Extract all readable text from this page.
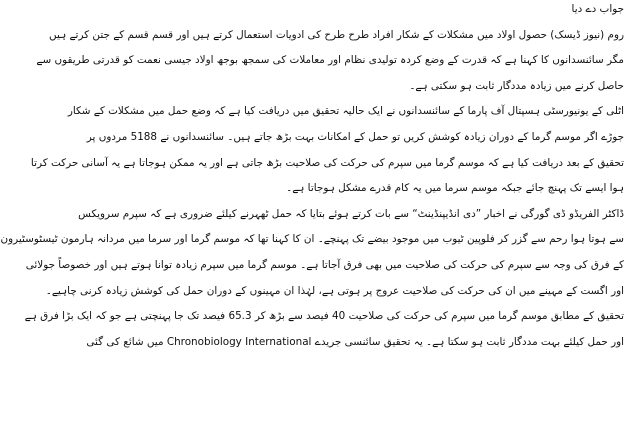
جواب دے دیا
روم (نیوز ڈیسک) حصول اولاد میں مشکلات کے شکار افراد طرح طرح کی ادویات استعمال کرتے ہیں اور قسم قسم کے جتن کرتے ہیں
مگر سائنسدانوں کا کہنا ہے کہ قدرت کے وضع کردہ تولیدی نظام اور معاملات کی سمجھ بوجھ اولاد جیسی نعمت کو قدرتی طریقوں سے
حاصل کرنے میں زیادہ مددگار ثابت ہو سکتی ہے۔
اٹلی کے یونیورسٹی ہسپتال آف پارما کے سائنسدانوں نے ایک حالیہ تحقیق میں دریافت کیا ہے کہ وضع حمل میں مشکلات کے شکار
جوڑے اگر موسم گرما کے دوران زیادہ کوشش کریں تو حمل کے امکانات بہت بڑھ جاتے ہیں۔ سائنسدانوں نے 5188 مردوں پر
تحقیق کے بعد دریافت کیا ہے کہ موسم گرما میں سپرم کی حرکت کی صلاحیت بڑھ جاتی ہے اور یہ ممکن ہوجاتا ہے یہ آسانی حرکت کرتا
ہوا ایسے تک پہنچ جائے جبکہ موسم سرما میں یہ کام قدرے مشکل ہوجاتا ہے۔
ڈاکٹر الفریڈو ڈی گورگی نے اخبار ”دی انڈیپنڈینٹ“ سے بات کرتے ہوئے بتایا کہ حمل ٹھہرنے کیلئے ضروری ہے کہ سپرم سرویکس
سے ہوتا ہوا رحم سے گزر کر فلوپین ٹیوب میں موجود بیضے تک پہنچے۔ ان کا کہنا تھا کہ موسم گرما اور سرما میں مردانہ ہارمون ٹیسٹوسٹیرون
کے فرق کی وجہ سے سپرم کی حرکت کی صلاحیت میں بھی فرق آجاتا ہے۔ موسم گرما میں سپرم زیادہ توانا ہوتے ہیں اور خصوصاً جولائی
اور اگست کے مہینے میں ان کی حرکت کی صلاحیت عروج پر ہوتی ہے، لہٰذا ان مہینوں کے دوران حمل کی کوشش زیادہ کرنی چاہیے۔
تحقیق کے مطابق موسم گرما میں سپرم کی حرکت کی صلاحیت 40 فیصد سے بڑھ کر 65.3 فیصد تک جا پہنچتی ہے جو کہ ایک بڑا فرق ہے
اور حمل کیلئے بہت مددگار ثابت ہو سکتا ہے۔ یہ تحقیق سائنسی جریدے Chronobiology International میں شائع کی گئی
